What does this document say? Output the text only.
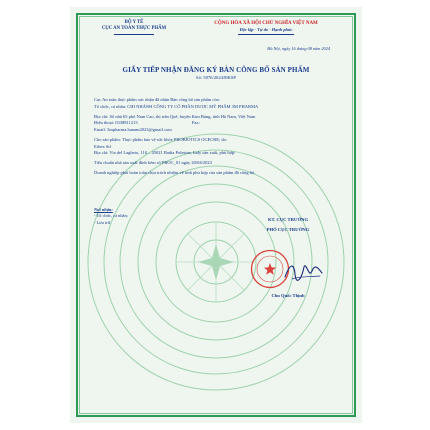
BỘ Y TẾ
CỤC AN TOÀN THỰC PHẨM
CỘNG HÒA XÃ HỘI CHỦ NGHĨA VIỆT NAM
Độc lập - Tự do - Hạnh phúc
Hà Nội, ngày 16 tháng 08 năm 2024
GIẤY TIẾP NHẬN ĐĂNG KÝ BẢN CÔNG BỐ SẢN PHẨM
Số: 5876/2024/ĐKSP

Cục An toàn thực phẩm xác nhận đã nhận Bản công bố sản phẩm của:

Tổ chức, cá nhân: CHI NHÁNH CÔNG TY CỔ PHẦN DƯỢC MỸ PHẨM 3M PHARMA

Địa chỉ: Số nhà 65 phố Nam Cao, thị trấn Quế, huyện Kim Bảng, tỉnh Hà Nam, Việt Nam

Điện thoại: 0338811213	Fax:

Email: 3mpharma.hanam2023@gmail.com

Cho sản phẩm: Thực phẩm bảo vệ sức khỏe PROBIOTICS OCECRE; do:

Erbex Srl

Địa chỉ: Via del Lagheto, 110 – 45021 Badia Polesine, Italy sản xuất, phù hợp:

Tiêu chuẩn nhà sản xuất đính kèm số PROC_01 ngày 20/04/2023

Doanh nghiệp phải hoàn toàn chịu trách nhiệm về tính phù hợp của sản phẩm đã công bố.

Nơi nhận:
- Tổ chức, cá nhân;
- Lưu trữ.
KT. CỤC TRƯỞNG
PHÓ CỤC TRƯỞNG
Chu Quốc Thịnh
